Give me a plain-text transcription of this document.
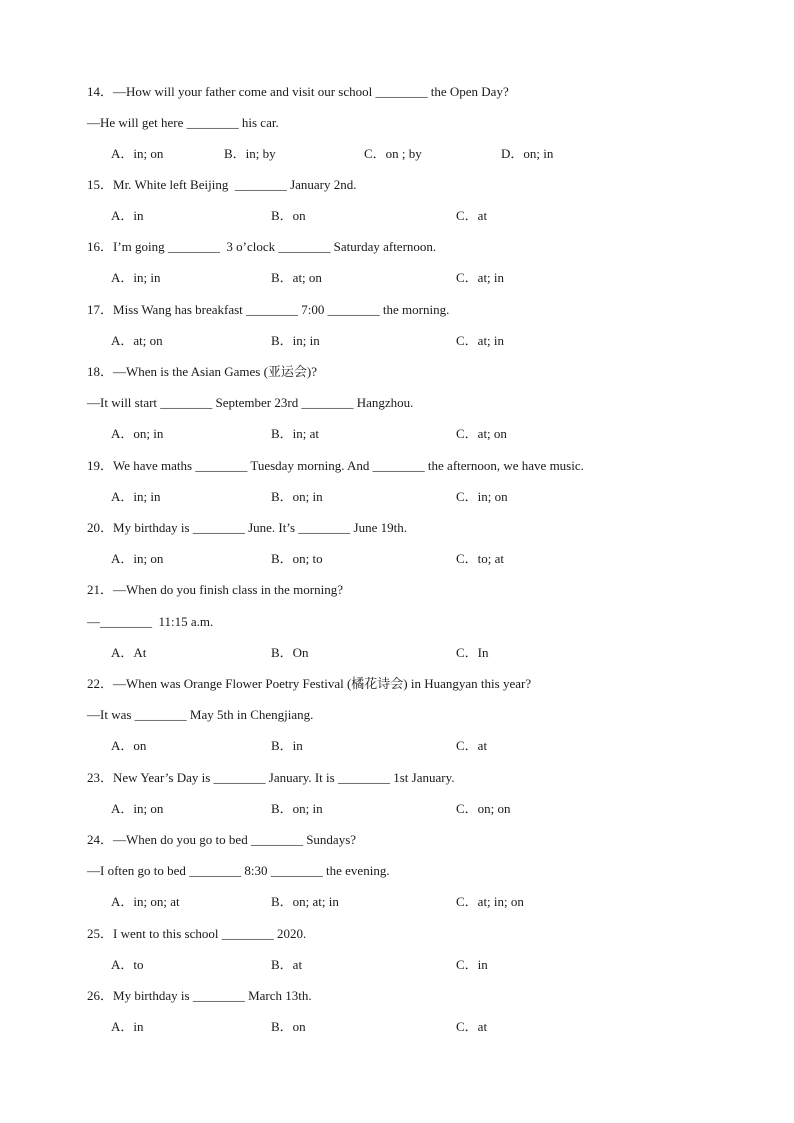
14．—How will your father come and visit our school ________ the Open Day?
—He will get here ________ his car.
A．in; on	B．in; by	C．on ; by	D．on; in
15．Mr. White left Beijing  ________ January 2nd.
A．in	B．on	C．at
16．I’m going ________  3 o’clock ________ Saturday afternoon.
A．in; in	B．at; on	C．at; in
17．Miss Wang has breakfast ________ 7:00 ________ the morning.
A．at; on	B．in; in	C．at; in
18．—When is the Asian Games (亚运会)?
—It will start ________ September 23rd ________ Hangzhou.
A．on; in	B．in; at	C．at; on
19．We have maths ________ Tuesday morning. And ________ the afternoon, we have music.
A．in; in	B．on; in	C．in; on
20．My birthday is ________ June. It’s ________ June 19th.
A．in; on	B．on; to	C．to; at
21．—When do you finish class in the morning?
—________  11:15 a.m.
A．At	B．On	C．In
22．—When was Orange Flower Poetry Festival (橘花诗会) in Huangyan this year?
—It was ________ May 5th in Chengjiang.
A．on	B．in	C．at
23．New Year’s Day is ________ January. It is ________ 1st January.
A．in; on	B．on; in	C．on; on
24．—When do you go to bed ________ Sundays?
—I often go to bed ________ 8:30 ________ the evening.
A．in; on; at	B．on; at; in	C．at; in; on
25．I went to this school ________ 2020.
A．to	B．at	C．in
26．My birthday is ________ March 13th.
A．in	B．on	C．at
